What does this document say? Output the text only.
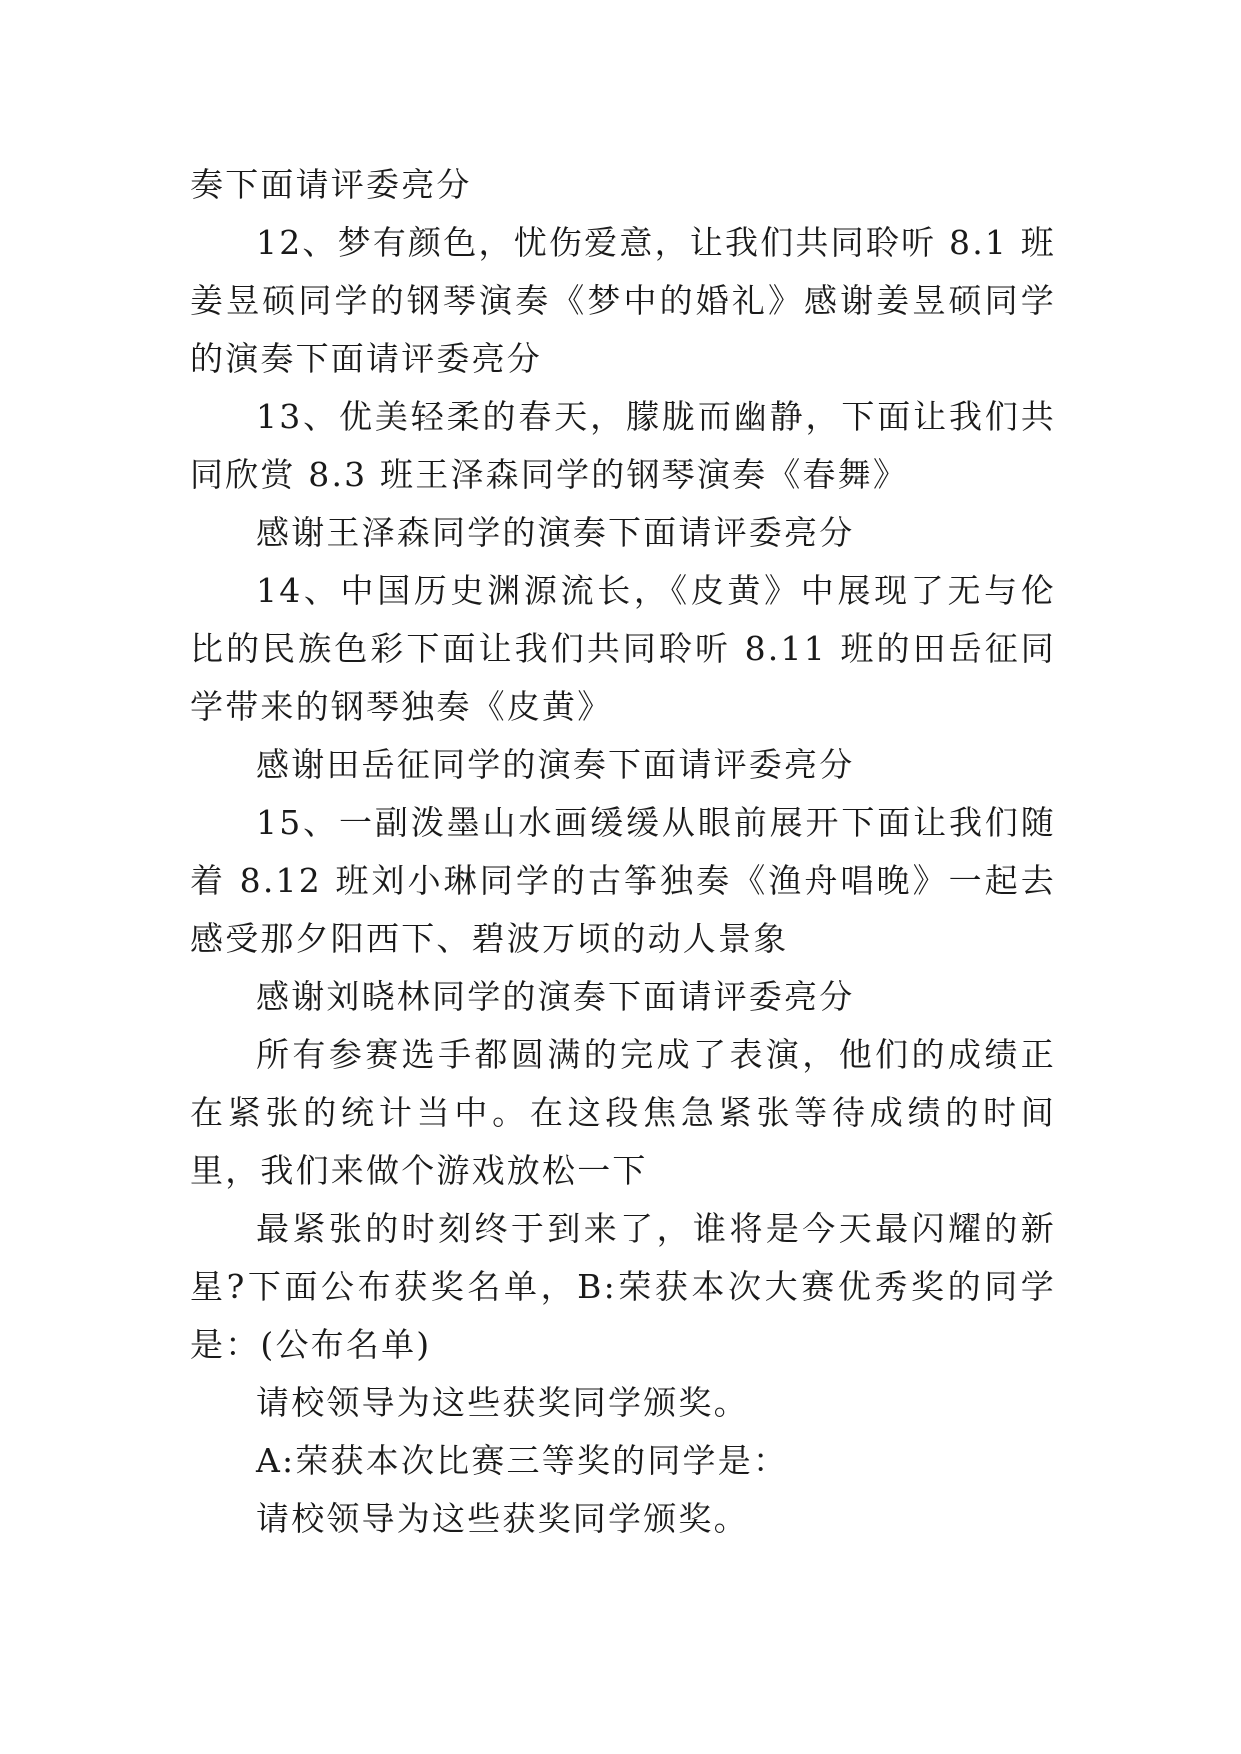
奏下面请评委亮分

12、梦有颜色，忧伤爱意，让我们共同聆听 8.1 班姜昱硕同学的钢琴演奏《梦中的婚礼》感谢姜昱硕同学的演奏下面请评委亮分

13、优美轻柔的春天，朦胧而幽静，下面让我们共同欣赏 8.3 班王泽森同学的钢琴演奏《春舞》

感谢王泽森同学的演奏下面请评委亮分

14、中国历史渊源流长，《皮黄》中展现了无与伦比的民族色彩下面让我们共同聆听 8.11 班的田岳征同学带来的钢琴独奏《皮黄》

感谢田岳征同学的演奏下面请评委亮分

15、一副泼墨山水画缓缓从眼前展开下面让我们随着 8.12 班刘小琳同学的古筝独奏《渔舟唱晚》一起去感受那夕阳西下、碧波万顷的动人景象

感谢刘晓林同学的演奏下面请评委亮分

所有参赛选手都圆满的完成了表演，他们的成绩正在紧张的统计当中。在这段焦急紧张等待成绩的时间里，我们来做个游戏放松一下

最紧张的时刻终于到来了，谁将是今天最闪耀的新星?下面公布获奖名单，B:荣获本次大赛优秀奖的同学是：(公布名单)

请校领导为这些获奖同学颁奖。

A:荣获本次比赛三等奖的同学是：

请校领导为这些获奖同学颁奖。
